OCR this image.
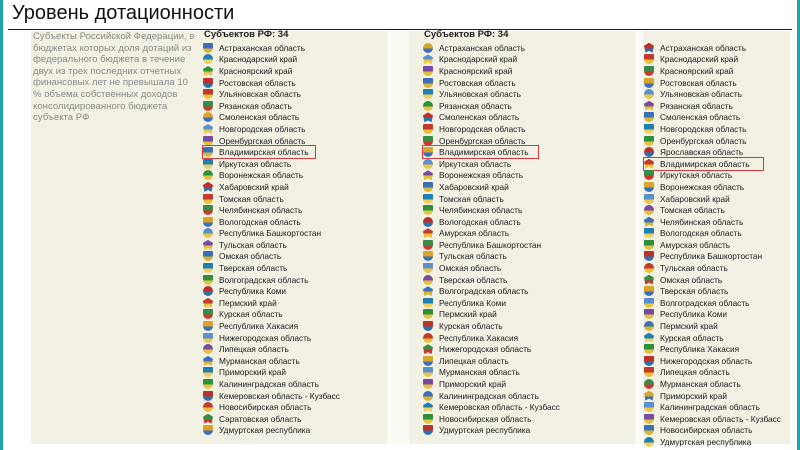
Уровень дотационности

Субъекты Российской Федерации, в бюджетах которых доля дотаций из федерального бюджета в течение двух из трех последних отчетных финансовых лет не превышала 10 % объема собственных доходов консолидированного бюджета субъекта РФ

Субъектов РФ: 34
Астраханская область
Краснодарский край
Красноярский край
Ростовская область
Ульяновская область
Рязанская область
Смоленская область
Новгородская область
Оренбургская область
Владимирская область
Иркутская область
Воронежская область
Хабаровский край
Томская область
Челябинская область
Вологодская область
Республика Башкортостан
Тульская область
Омская область
Тверская область
Волгоградская область
Республика Коми
Пермский край
Курская область
Республика Хакасия
Нижегородская область
Липецкая область
Мурманская область
Приморский край
Калининградская область
Кемеровская область - Кузбасс
Новосибирская область
Саратовская область
Удмуртская республика
Субъектов РФ: 34
Астраханская область
Краснодарский край
Красноярский край
Ростовская область
Ульяновская область
Рязанская область
Смоленская область
Новгородская область
Оренбургская область
Владимирская область
Иркутская область
Воронежская область
Хабаровский край
Томская область
Челябинская область
Вологодская область
Амурская область
Республика Башкортостан
Тульская область
Омская область
Тверская область
Волгоградская область
Республика Коми
Пермский край
Курская область
Республика Хакасия
Нижегородская область
Липецкая область
Мурманская область
Приморский край
Калининградская область
Кемеровская область - Кузбасс
Новосибирская область
Удмуртская республика
Астраханская область
Краснодарский край
Красноярский край
Ростовская область
Ульяновская область
Рязанская область
Смоленская область
Новгородская область
Оренбургская область
Ярославская область
Владимирская область
Иркутская область
Воронежская область
Хабаровский край
Томская область
Челябинская область
Вологодская область
Амурская область
Республика Башкортостан
Тульская область
Омская область
Тверская область
Волгоградская область
Республика Коми
Пермский край
Курская область
Республика Хакасия
Нижегородская область
Липецкая область
Мурманская область
Приморский край
Калининградская область
Кемеровская область - Кузбасс
Новосибирская область
Удмуртская республика
